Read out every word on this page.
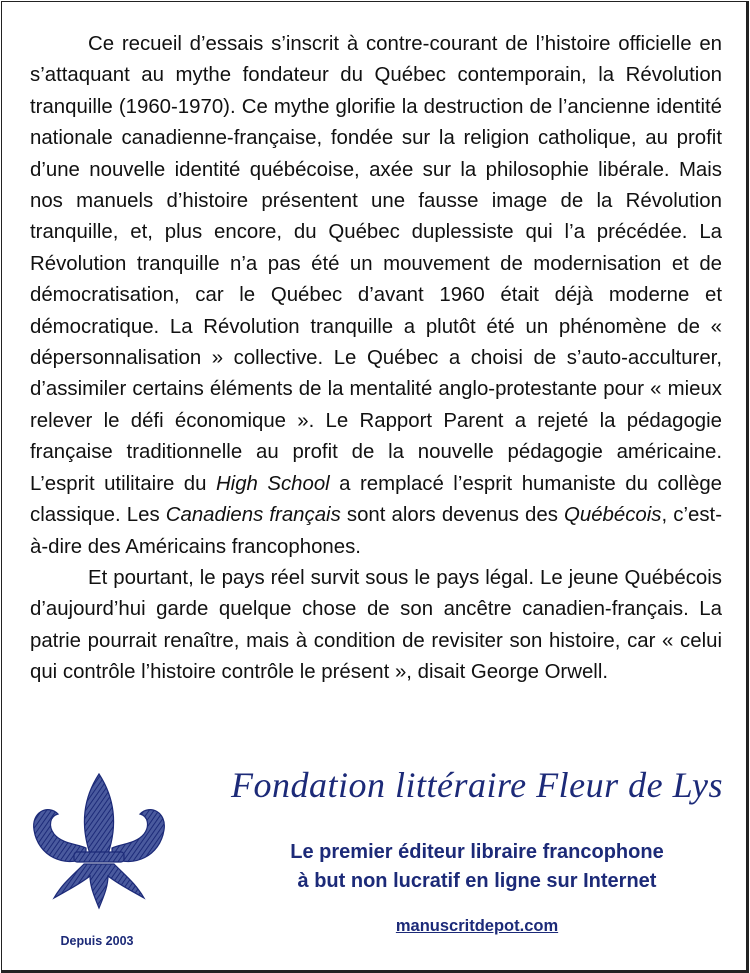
Ce recueil d’essais s’inscrit à contre-courant de l’histoire officielle en s’attaquant au mythe fondateur du Québec contemporain, la Révolution tranquille (1960-1970). Ce mythe glorifie la destruction de l’ancienne identité nationale canadienne-française, fondée sur la religion catholique, au profit d’une nouvelle identité québécoise, axée sur la philosophie libérale. Mais nos manuels d’histoire présentent une fausse image de la Révolution tranquille, et, plus encore, du Québec duplessiste qui l’a précédée. La Révolution tranquille n’a pas été un mouvement de modernisation et de démocratisation, car le Québec d’avant 1960 était déjà moderne et démocratique. La Révolution tranquille a plutôt été un phénomène de « dépersonnalisation » collective. Le Québec a choisi de s’auto-acculturer, d’assimiler certains éléments de la mentalité anglo-protestante pour « mieux relever le défi économique ». Le Rapport Parent a rejeté la pédagogie française traditionnelle au profit de la nouvelle pédagogie américaine. L’esprit utilitaire du High School a remplacé l’esprit humaniste du collège classique. Les Canadiens français sont alors devenus des Québécois, c’est-à-dire des Américains francophones.

Et pourtant, le pays réel survit sous le pays légal. Le jeune Québécois d’aujourd’hui garde quelque chose de son ancêtre canadien-français. La patrie pourrait renaître, mais à condition de revisiter son histoire, car « celui qui contrôle l’histoire contrôle le présent », disait George Orwell.

Depuis 2003
Fondation littéraire Fleur de Lys
Le premier éditeur libraire francophone
à but non lucratif en ligne sur Internet
manuscritdepot.com
